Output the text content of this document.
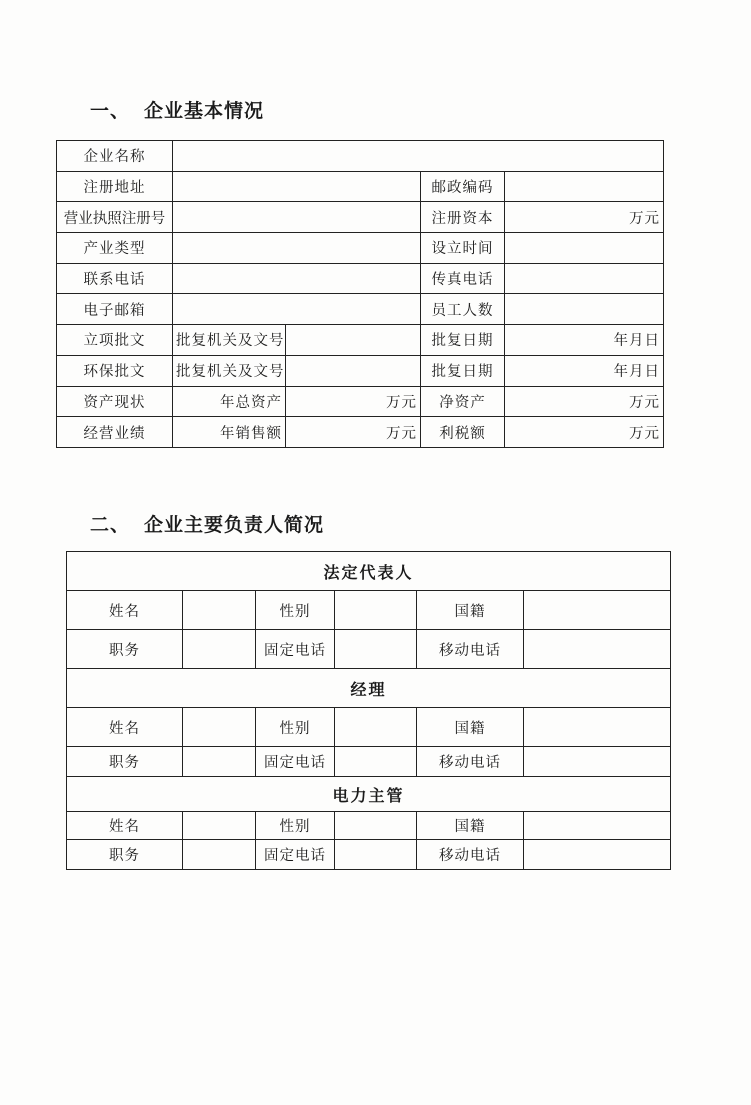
一、 企业基本情况
企业名称				
注册地址			邮政编码	
营业执照注册号			注册资本	万元
产业类型			设立时间	
联系电话			传真电话	
电子邮箱			员工人数	
立项批文	批复机关及文号		批复日期	年月日
环保批文	批复机关及文号		批复日期	年月日
资产现状	年总资产	万元	净资产	万元
经营业绩	年销售额	万元	利税额	万元
二、 企业主要负责人简况
法定代表人					
姓名		性别		国籍	
职务		固定电话		移动电话	
经理					
姓名		性别		国籍	
职务		固定电话		移动电话	
电力主管					
姓名		性别		国籍	
职务		固定电话		移动电话	
